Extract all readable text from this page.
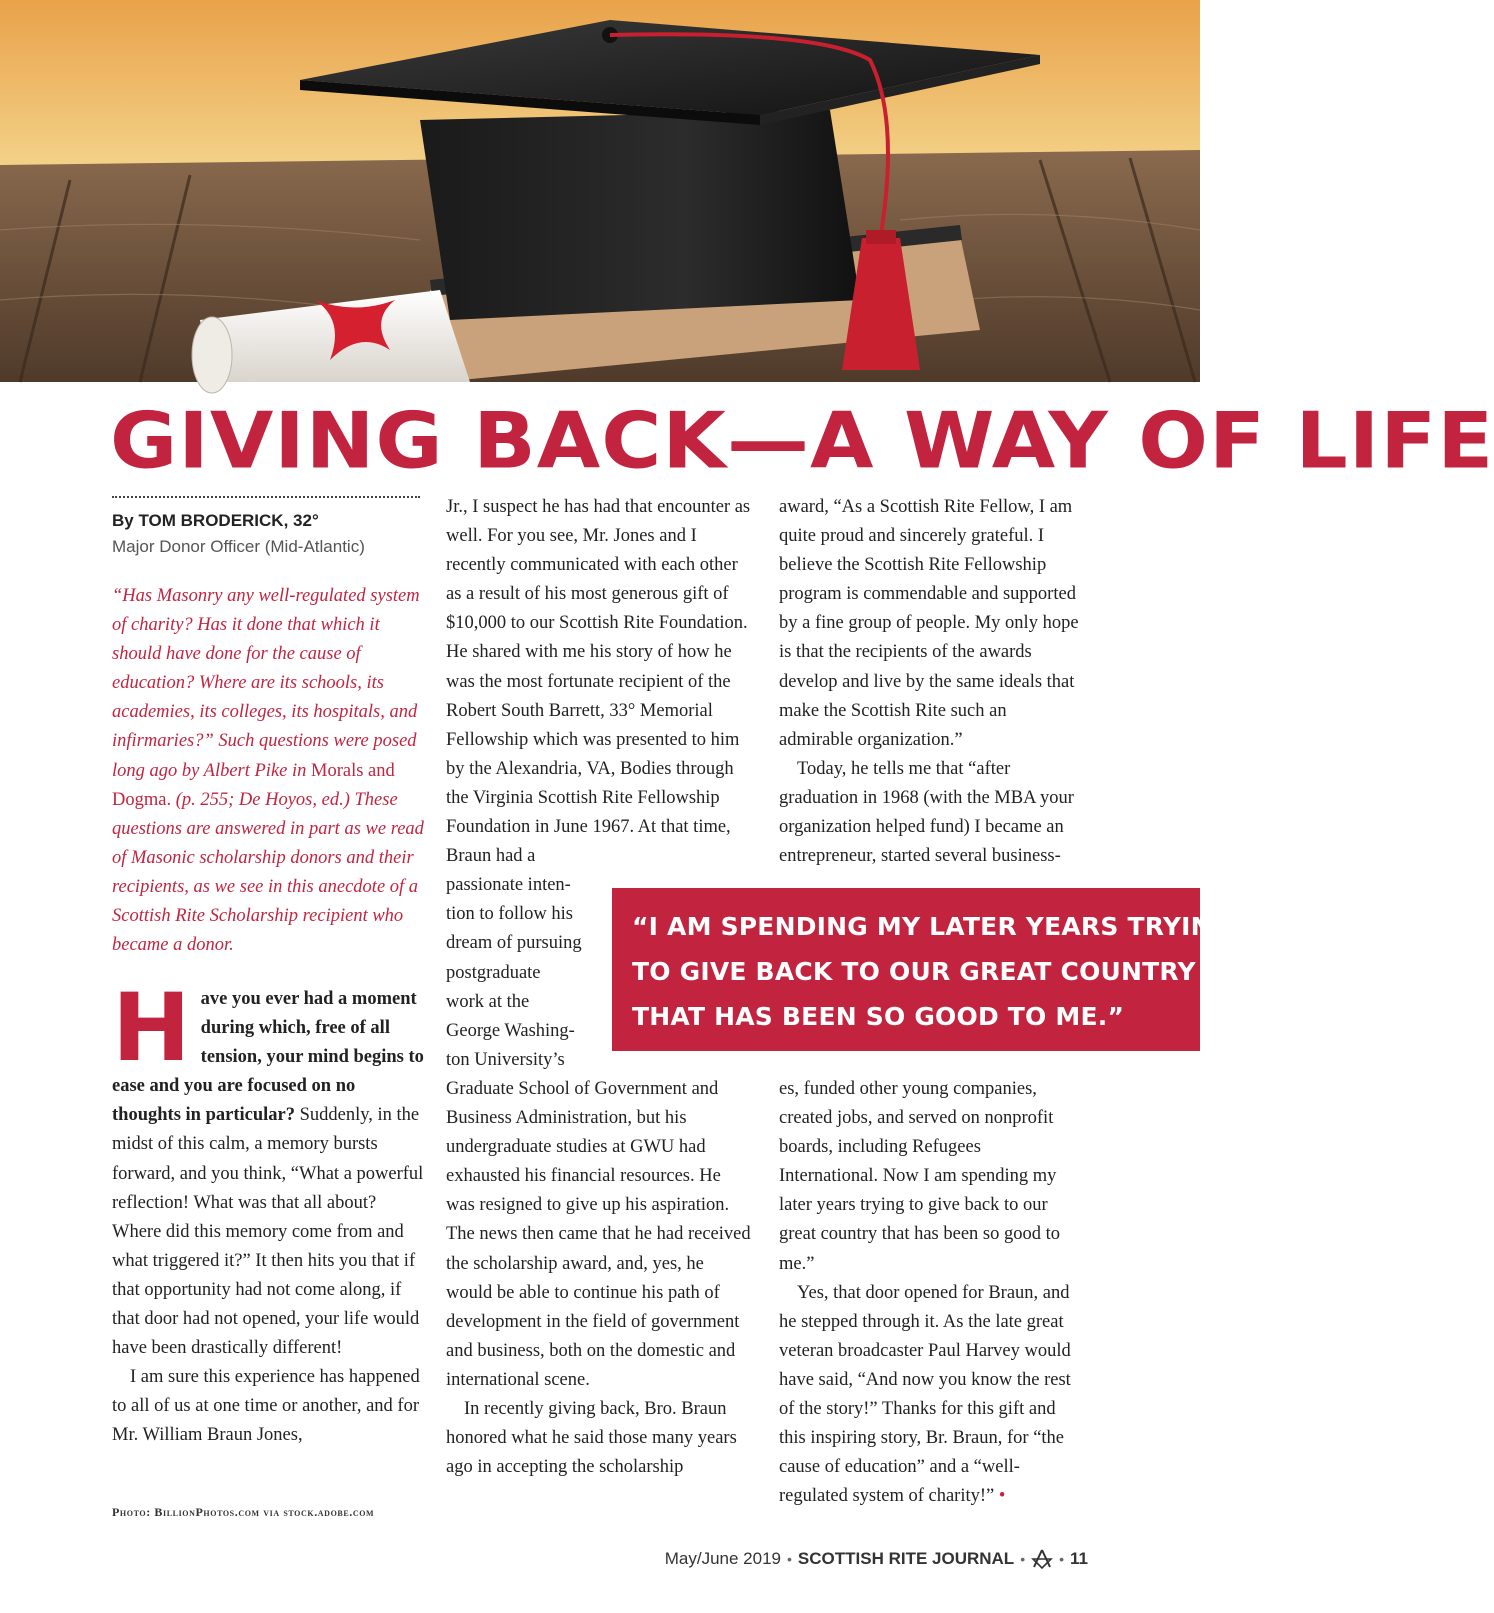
GIVING BACK—A WAY OF LIFE
By TOM BRODERICK, 32°
Major Donor Officer (Mid-Atlantic)
“Has Masonry any well-regulated system of charity? Has it done that which it should have done for the cause of education? Where are its schools, its academies, its colleges, its hospitals, and infirmaries?” Such questions were posed long ago by Albert Pike in Morals and Dogma. (p. 255; De Hoyos, ed.) These questions are answered in part as we read of Masonic scholarship donors and their recipients, as we see in this anecdote of a Scottish Rite Scholarship recipient who became a donor.

Have you ever had a moment during which, free of all tension, your mind begins to ease and you are focused on no thoughts in particular? Suddenly, in the midst of this calm, a memory bursts forward, and you think, “What a powerful reflection! What was that all about? Where did this memory come from and what triggered it?” It then hits you that if that opportunity had not come along, if that door had not opened, your life would have been drastically different!

I am sure this experience has happened to all of us at one time or another, and for Mr. William Braun Jones,

Jr., I suspect he has had that encounter as well. For you see, Mr. Jones and I recently communicated with each other as a result of his most generous gift of $10,000 to our Scottish Rite Foundation. He shared with me his story of how he was the most fortunate recipient of the Robert South Barrett, 33° Memorial Fellowship which was presented to him by the Alexandria, VA, Bodies through the Virginia Scottish Rite Fellowship Foundation in June 1967. At that time, Braun had a

passionate inten-
tion to follow his
dream of pursuing
postgraduate
work at the
George Washing-
ton University’s

Graduate School of Government and Business Administration, but his undergraduate studies at GWU had exhausted his financial resources. He was resigned to give up his aspiration. The news then came that he had received the scholarship award, and, yes, he would be able to continue his path of development in the field of government and business, both on the domestic and international scene.

In recently giving back, Bro. Braun honored what he said those many years ago in accepting the scholarship

award, “As a Scottish Rite Fellow, I am quite proud and sincerely grateful. I believe the Scottish Rite Fellowship program is commendable and supported by a fine group of people. My only hope is that the recipients of the awards develop and live by the same ideals that make the Scottish Rite such an admirable organization.”

Today, he tells me that “after graduation in 1968 (with the MBA your organization helped fund) I became an entrepreneur, started several business-

es, funded other young companies, created jobs, and served on nonprofit boards, including Refugees International. Now I am spending my later years trying to give back to our great country that has been so good to me.”

Yes, that door opened for Braun, and he stepped through it. As the late great veteran broadcaster Paul Harvey would have said, “And now you know the rest of the story!” Thanks for this gift and this inspiring story, Br. Braun, for “the cause of education” and a “well-regulated system of charity!” •

“I AM SPENDING MY LATER YEARS TRYING
TO GIVE BACK TO OUR GREAT COUNTRY
THAT HAS BEEN SO GOOD TO ME.”
Photo: BillionPhotos.com via stock.adobe.com
May/June 2019 • SCOTTISH RITE JOURNAL • • 11
